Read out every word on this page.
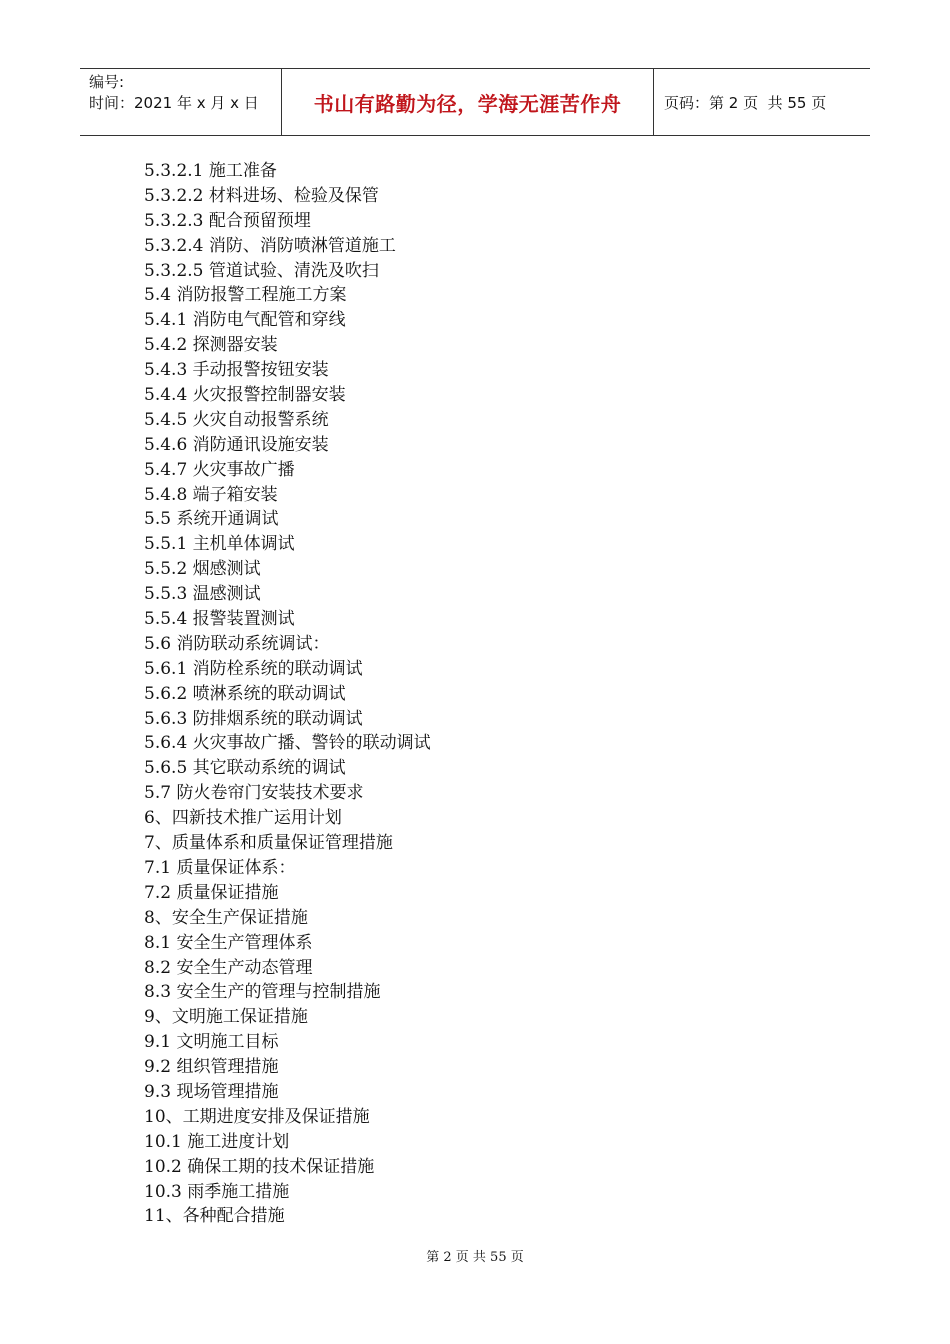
编号:
时间：2021 年 x 月 x 日	书山有路勤为径，学海无涯苦作舟	页码：第 2 页  共 55 页
5.3.2.1 施工准备
5.3.2.2 材料进场、检验及保管
5.3.2.3 配合预留预埋
5.3.2.4 消防、消防喷淋管道施工
5.3.2.5 管道试验、清洗及吹扫
5.4 消防报警工程施工方案
5.4.1 消防电气配管和穿线
5.4.2 探测器安装
5.4.3 手动报警按钮安装
5.4.4 火灾报警控制器安装
5.4.5 火灾自动报警系统
5.4.6 消防通讯设施安装
5.4.7 火灾事故广播
5.4.8 端子箱安装
5.5 系统开通调试
5.5.1 主机单体调试
5.5.2 烟感测试
5.5.3 温感测试
5.5.4 报警装置测试
5.6 消防联动系统调试：
5.6.1 消防栓系统的联动调试
5.6.2 喷淋系统的联动调试
5.6.3 防排烟系统的联动调试
5.6.4 火灾事故广播、警铃的联动调试
5.6.5 其它联动系统的调试
5.7 防火卷帘门安装技术要求
6、四新技术推广运用计划
7、质量体系和质量保证管理措施
7.1 质量保证体系：
7.2 质量保证措施
8、安全生产保证措施
8.1 安全生产管理体系
8.2 安全生产动态管理
8.3 安全生产的管理与控制措施
9、文明施工保证措施
9.1 文明施工目标
9.2 组织管理措施
9.3 现场管理措施
10、工期进度安排及保证措施
10.1 施工进度计划
10.2 确保工期的技术保证措施
10.3 雨季施工措施
11、各种配合措施
第 2 页 共 55 页
